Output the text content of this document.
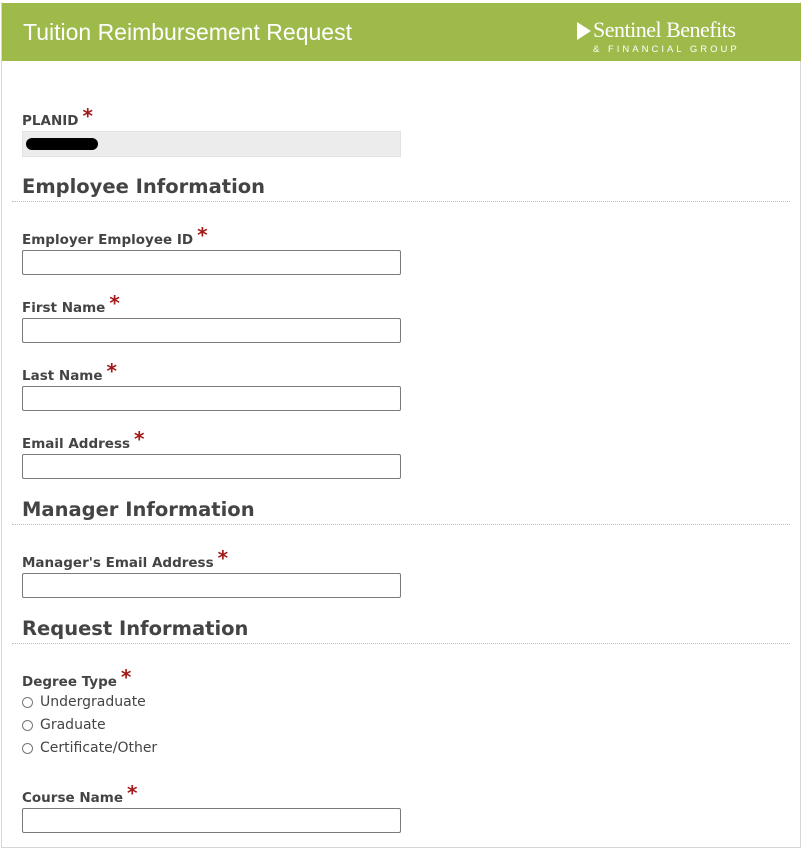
Tuition Reimbursement Request	Sentinel Benefits
& FINANCIAL GROUP
PLANID *
Employee Information
Employer Employee ID *
First Name *
Last Name *
Email Address *
Manager Information
Manager's Email Address *
Request Information
Degree Type *
Undergraduate
Graduate
Certificate/Other
Course Name *
